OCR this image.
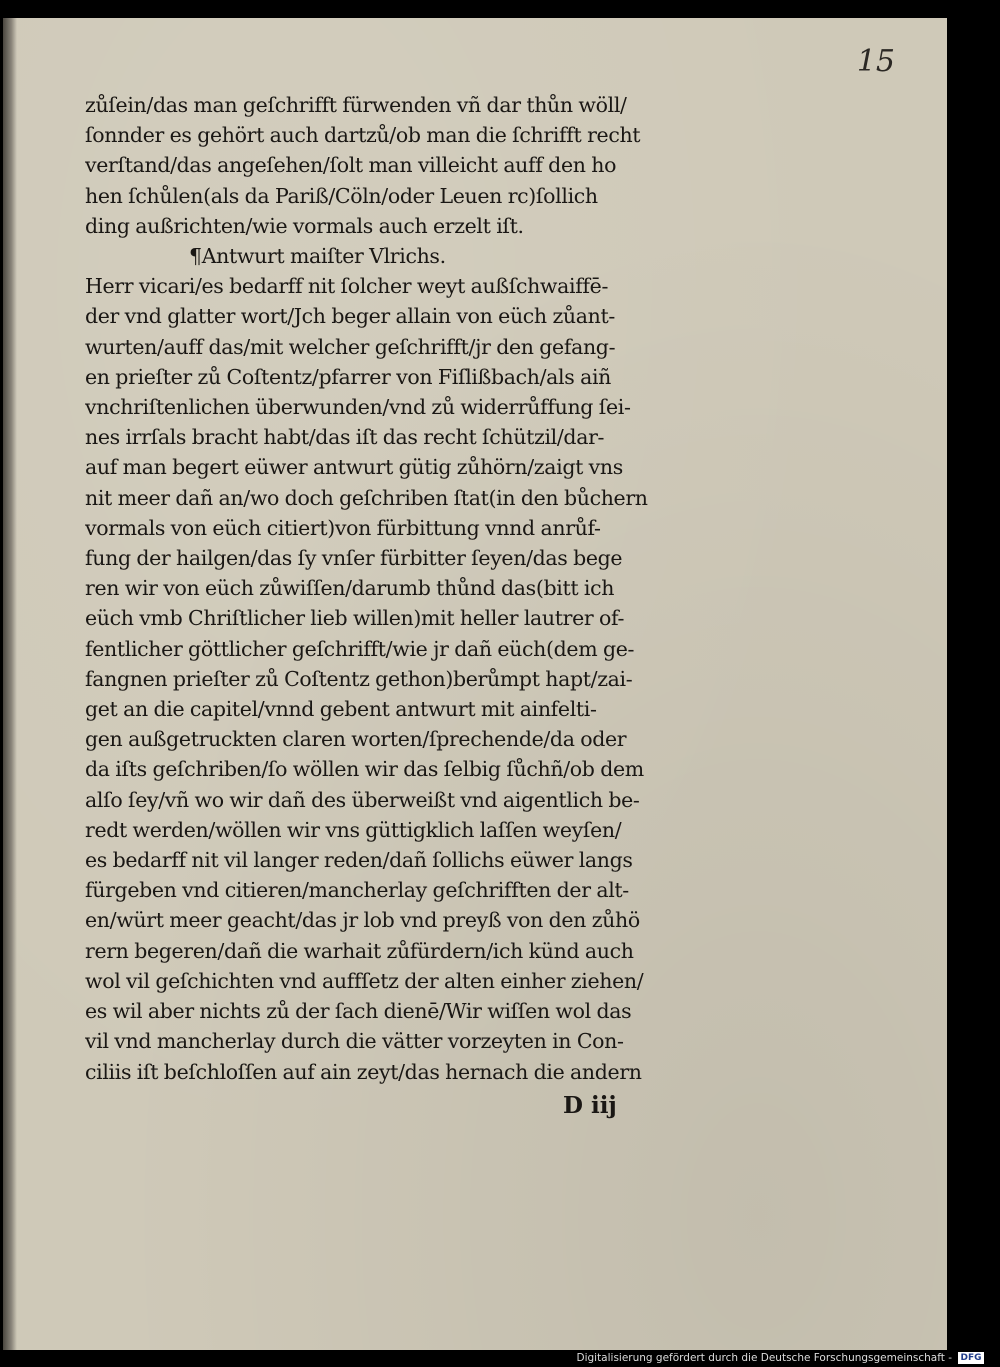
15
zůſein/das man geſchrifft fürwenden vñ dar thůn wöll/
ſonnder es gehört auch dartzů/ob man die ſchrifft recht
verſtand/das angeſehen/ſolt man villeicht auff den ho
hen ſchůlen(als da Pariß/Cöln/oder Leuen rc)ſollich
ding außrichten/wie vormals auch erzelt iſt.
¶Antwurt maiſter Vlrichs.
Herr vicari/es bedarff nit ſolcher weyt außſchwaiffē-
der vnd glatter wort/Jch beger allain von eüch zůant-
wurten/auff das/mit welcher geſchrifft/jr den gefang-
en prieſter zů Coſtentz/pfarrer von Fiſlißbach/als aiñ
vnchriſtenlichen überwunden/vnd zů widerrůffung ſei-
nes irrſals bracht habt/das iſt das recht ſchützil/dar-
auf man begert eüwer antwurt gütig zůhörn/zaigt vns
nit meer dañ an/wo doch geſchriben ſtat(in den bůchern
vormals von eüch citiert)von fürbittung vnnd anrůf-
fung der hailgen/das ſy vnſer fürbitter ſeyen/das bege
ren wir von eüch zůwiſſen/darumb thůnd das(bitt ich
eüch vmb Chriſtlicher lieb willen)mit heller lautrer of-
fentlicher göttlicher geſchrifft/wie jr dañ eüch(dem ge-
fangnen prieſter zů Coſtentz gethon)berůmpt hapt/zai-
get an die capitel/vnnd gebent antwurt mit ainfelti-
gen außgetruckten claren worten/ſprechende/da oder
da iſts geſchriben/ſo wöllen wir das ſelbig ſůchñ/ob dem
alſo ſey/vñ wo wir dañ des überweißt vnd aigentlich be-
redt werden/wöllen wir vns güttigklich laſſen weyſen/
es bedarff nit vil langer reden/dañ ſollichs eüwer langs
fürgeben vnd citieren/mancherlay geſchrifften der alt-
en/würt meer geacht/das jr lob vnd preyß von den zůhö
rern begeren/dañ die warhait zůfürdern/ich künd auch
wol vil geſchichten vnd auffſetz der alten einher ziehen/
es wil aber nichts zů der ſach dienē/Wir wiſſen wol das
vil vnd mancherlay durch die vätter vorzeyten in Con-
ciliis iſt beſchloſſen auf ain zeyt/das hernach die andern
D iij
Digitalisierung gefördert durch die Deutsche Forschungsgemeinschaft - DFG
